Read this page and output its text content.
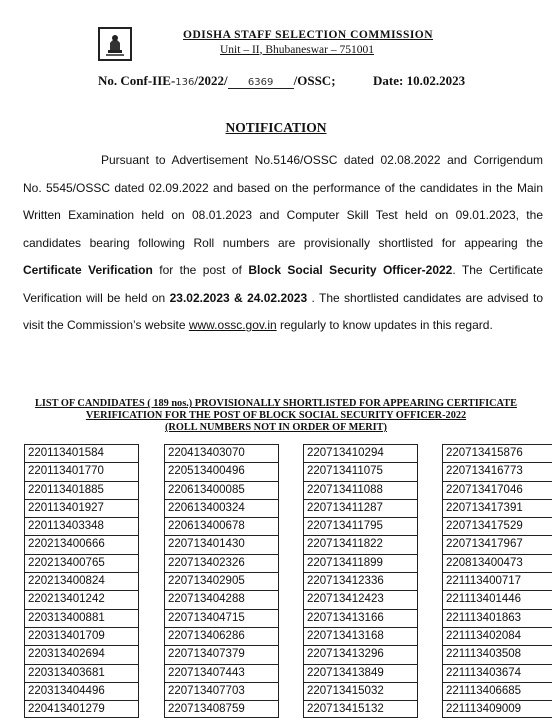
ODISHA STAFF SELECTION COMMISSION
Unit – II, Bhubaneswar – 751001
No. Conf-IIE-136/2022/ 6369 /OSSC;	Date: 10.02.2023
NOTIFICATION
Pursuant to Advertisement No.5146/OSSC dated 02.08.2022 and Corrigendum
No. 5545/OSSC dated 02.09.2022 and based on the performance of the candidates in the Main
Written Examination held on 08.01.2023 and Computer Skill Test held on 09.01.2023, the
candidates bearing following Roll numbers are provisionally shortlisted for appearing the
Certificate Verification for the post of Block Social Security Officer-2022. The Certificate
Verification will be held on 23.02.2023 & 24.02.2023 . The shortlisted candidates are advised to
visit the Commission’s website www.ossc.gov.in regularly to know updates in this regard.
LIST OF CANDIDATES ( 189 nos.) PROVISIONALLY SHORTLISTED FOR APPEARING CERTIFICATE
VERIFICATION FOR THE POST OF BLOCK SOCIAL SECURITY OFFICER-2022
(ROLL NUMBERS NOT IN ORDER OF MERIT)
220113401584
220113401770
220113401885
220113401927
220113403348
220213400666
220213400765
220213400824
220213401242
220313400881
220313401709
220313402694
220313403681
220313404496
220413401279
220413403070
220513400496
220613400085
220613400324
220613400678
220713401430
220713402326
220713402905
220713404288
220713404715
220713406286
220713407379
220713407443
220713407703
220713408759
220713410294
220713411075
220713411088
220713411287
220713411795
220713411822
220713411899
220713412336
220713412423
220713413166
220713413168
220713413296
220713413849
220713415032
220713415132
220713415876
220713416773
220713417046
220713417391
220713417529
220713417967
220813400473
221113400717
221113401446
221113401863
221113402084
221113403508
221113403674
221113406685
221113409009
